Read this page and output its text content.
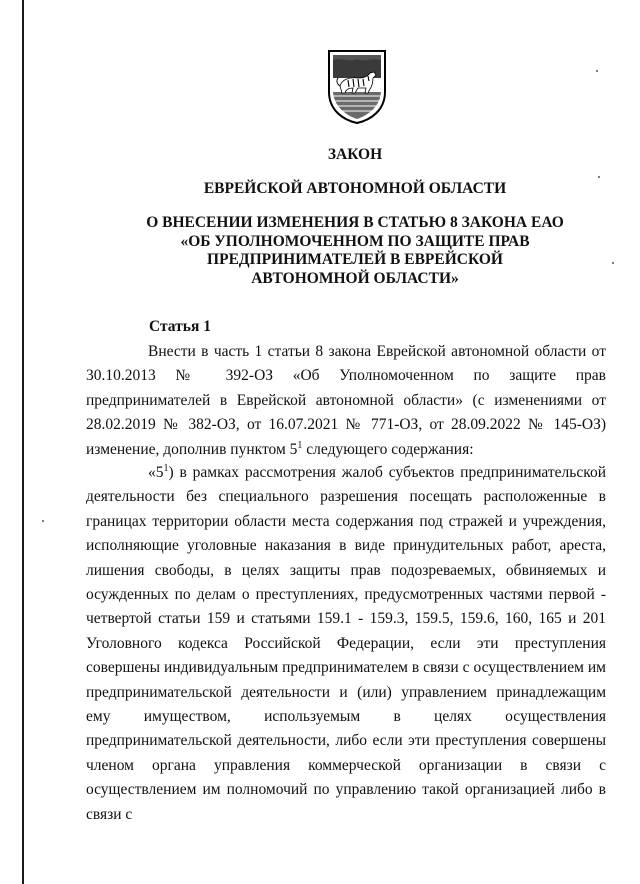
ЗАКОН
ЕВРЕЙСКОЙ АВТОНОМНОЙ ОБЛАСТИ
О ВНЕСЕНИИ ИЗМЕНЕНИЯ В СТАТЬЮ 8 ЗАКОНА ЕАО
«ОБ УПОЛНОМОЧЕННОМ ПО ЗАЩИТЕ ПРАВ
ПРЕДПРИНИМАТЕЛЕЙ В ЕВРЕЙСКОЙ
АВТОНОМНОЙ ОБЛАСТИ»
Статья 1

Внести в часть 1 статьи 8 закона Еврейской автономной области от 30.10.2013 № 392-ОЗ «Об Уполномоченном по защите прав предпринимателей в Еврейской автономной области» (с изменениями от 28.02.2019 № 382-ОЗ, от 16.07.2021 № 771-ОЗ, от 28.09.2022 № 145-ОЗ) изменение, дополнив пунктом $5^1$ следующего содержания:

«$5^1$) в рамках рассмотрения жалоб субъектов предпринимательской деятельности без специального разрешения посещать расположенные в границах территории области места содержания под стражей и учреждения, исполняющие уголовные наказания в виде принудительных работ, ареста, лишения свободы, в целях защиты прав подозреваемых, обвиняемых и осужденных по делам о преступлениях, предусмотренных частями первой - четвертой статьи 159 и статьями 159.1 - 159.3, 159.5, 159.6, 160, 165 и 201 Уголовного кодекса Российской Федерации, если эти преступления совершены индивидуальным предпринимателем в связи с осуществлением им предпринимательской деятельности и (или) управлением принадлежащим ему имуществом, используемым в целях осуществления предпринимательской деятельности, либо если эти преступления совершены членом органа управления коммерческой организации в связи с осуществлением им полномочий по управлению такой организацией либо в связи с
